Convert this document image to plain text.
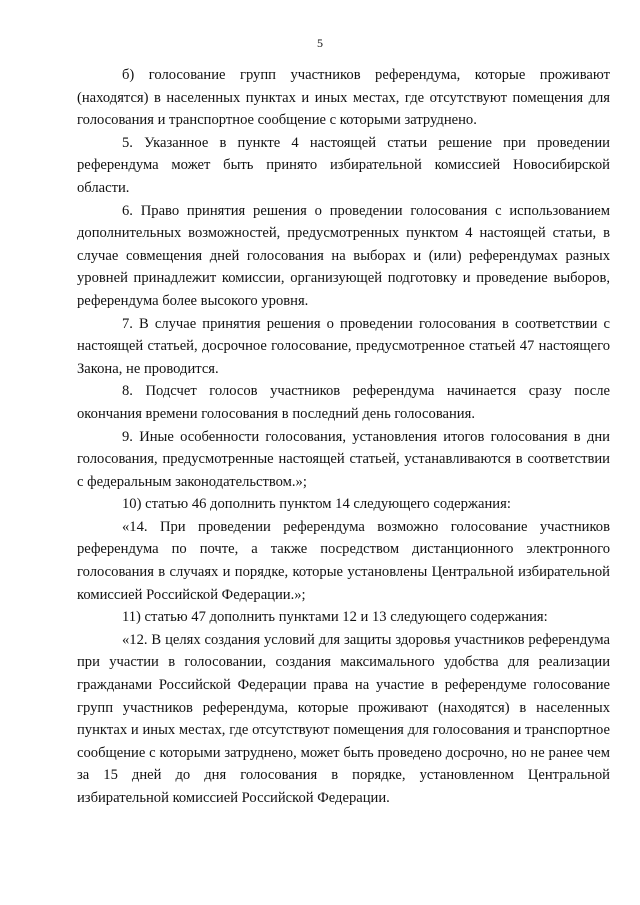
5

б) голосование групп участников референдума, которые проживают (находятся) в населенных пунктах и иных местах, где отсутствуют помещения для голосования и транспортное сообщение с которыми затруднено.

5. Указанное в пункте 4 настоящей статьи решение при проведении референдума может быть принято избирательной комиссией Новосибирской области.

6. Право принятия решения о проведении голосования с использованием дополнительных возможностей, предусмотренных пунктом 4 настоящей статьи, в случае совмещения дней голосования на выборах и (или) референдумах разных уровней принадлежит комиссии, организующей подготовку и проведение выборов, референдума более высокого уровня.

7. В случае принятия решения о проведении голосования в соответствии с настоящей статьей, досрочное голосование, предусмотренное статьей 47 настоящего Закона, не проводится.

8. Подсчет голосов участников референдума начинается сразу после окончания времени голосования в последний день голосования.

9. Иные особенности голосования, установления итогов голосования в дни голосования, предусмотренные настоящей статьей, устанавливаются в соответствии с федеральным законодательством.»;

10) статью 46 дополнить пунктом 14 следующего содержания:

«14. При проведении референдума возможно голосование участников референдума по почте, а также посредством дистанционного электронного голосования в случаях и порядке, которые установлены Центральной избирательной комиссией Российской Федерации.»;

11) статью 47 дополнить пунктами 12 и 13 следующего содержания:

«12. В целях создания условий для защиты здоровья участников референдума при участии в голосовании, создания максимального удобства для реализации гражданами Российской Федерации права на участие в референдуме голосование групп участников референдума, которые проживают (находятся) в населенных пунктах и иных местах, где отсутствуют помещения для голосования и транспортное сообщение с которыми затруднено, может быть проведено досрочно, но не ранее чем за 15 дней до дня голосования в порядке, установленном Центральной избирательной комиссией Российской Федерации.
